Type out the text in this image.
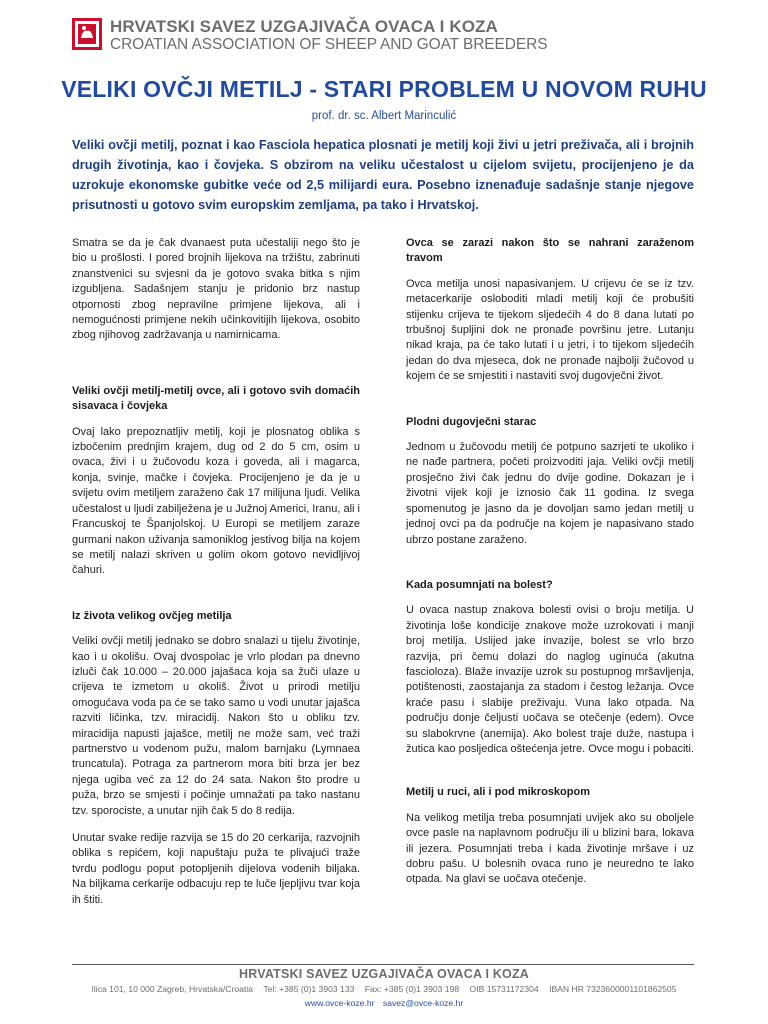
HRVATSKI SAVEZ UZGAJIVAČA OVACA I KOZA
CROATIAN ASSOCIATION OF SHEEP AND GOAT BREEDERS
VELIKI OVČJI METILJ - STARI PROBLEM U NOVOM RUHU
prof. dr. sc. Albert Marinculić
Veliki ovčji metilj, poznat i kao Fasciola hepatica plosnati je metilj koji živi u jetri preživača, ali i brojnih drugih životinja, kao i čovjeka. S obzirom na veliku učestalost u cijelom svijetu, procijenjeno je da uzrokuje ekonomske gubitke veće od 2,5 milijardi eura. Posebno iznenađuje sadašnje stanje njegove prisutnosti u gotovo svim europskim zemljama, pa tako i Hrvatskoj.

Smatra se da je čak dvanaest puta učestaliji nego što je bio u prošlosti. I pored brojnih lijekova na tržištu, zabrinuti znanstvenici su svjesni da je gotovo svaka bitka s njim izgubljena. Sadašnjem stanju je pridonio brz nastup otpornosti zbog nepravilne primjene lijekova, ali i nemogućnosti primjene nekih učinkovitijih lijekova, osobito zbog njihovog zadržavanja u namirnicama.

Veliki ovčji metilj-metilj ovce, ali i gotovo svih domaćih sisavaca i čovjeka

Ovaj lako prepoznatljiv metilj, koji je plosnatog oblika s izbočenim prednjim krajem, dug od 2 do 5 cm, osim u ovaca, živi i u žučovodu koza i goveda, ali i magarca, konja, svinje, mačke i čovjeka. Procijenjeno je da je u svijetu ovim metiljem zaraženo čak 17 milijuna ljudi. Velika učestalost u ljudi zabilježena je u Južnoj Americi, Iranu, ali i Francuskoj te Španjolskoj. U Europi se metiljem zaraze gurmani nakon uživanja samoniklog jestivog bilja na kojem se metilj nalazi skriven u golim okom gotovo nevidljivoj čahuri.

Iz života velikog ovčjeg metilja

Veliki ovčji metilj jednako se dobro snalazi u tijelu životinje, kao i u okolišu. Ovaj dvospolac je vrlo plodan pa dnevno izluči čak 10.000 – 20.000 jajašaca koja sa žuči ulaze u crijeva te izmetom u okoliš. Život u prirodi metilju omogućava voda pa će se tako samo u vodi unutar jajašca razviti ličinka, tzv. miracidij. Nakon što u obliku tzv. miracidija napusti jajašce, metilj ne može sam, već traži partnerstvo u vodenom pužu, malom barnjaku (Lymnaea truncatula). Potraga za partnerom mora biti brza jer bez njega ugiba već za 12 do 24 sata. Nakon što prodre u puža, brzo se smjesti i počinje umnažati pa tako nastanu tzv. sporociste, a unutar njih čak 5 do 8 redija.

Unutar svake redije razvija se 15 do 20 cerkarija, razvojnih oblika s repićem, koji napuštaju puža te plivajući traže tvrdu podlogu poput potopljenih dijelova vodenih biljaka. Na biljkama cerkarije odbacuju rep te luče ljepljivu tvar koja ih štiti.

Ovca se zarazi nakon što se nahrani zaraženom travom

Ovca metilja unosi napasivanjem. U crijevu će se iz tzv. metacerkarije osloboditi mladi metilj koji će probušiti stijenku crijeva te tijekom sljedećih 4 do 8 dana lutati po trbušnoj šupljini dok ne pronađe površinu jetre. Lutanju nikad kraja, pa će tako lutati i u jetri, i to tijekom sljedećih jedan do dva mjeseca, dok ne pronađe najbolji žučovod u kojem će se smjestiti i nastaviti svoj dugovječni život.

Plodni dugovječni starac

Jednom u žučovodu metilj će potpuno sazrjeti te ukoliko i ne nađe partnera, početi proizvoditi jaja. Veliki ovčji metilj prosječno živi čak jednu do dvije godine. Dokazan je i životni vijek koji je iznosio čak 11 godina. Iz svega spomenutog je jasno da je dovoljan samo jedan metilj u jednoj ovci pa da područje na kojem je napasivano stado ubrzo postane zaraženo.

Kada posumnjati na bolest?

U ovaca nastup znakova bolesti ovisi o broju metilja. U životinja loše kondicije znakove može uzrokovati i manji broj metilja. Uslijed jake invazije, bolest se vrlo brzo razvija, pri čemu dolazi do naglog uginuća (akutna fascioloza). Blaže invazije uzrok su postupnog mršavljenja, potištenosti, zaostajanja za stadom i čestog ležanja. Ovce kraće pasu i slabije preživaju. Vuna lako otpada. Na području donje čeljusti uočava se otečenje (edem). Ovce su slabokrvne (anemija). Ako bolest traje duže, nastupa i žutica kao posljedica oštećenja jetre. Ovce mogu i pobaciti.

Metilj u ruci, ali i pod mikroskopom

Na velikog metilja treba posumnjati uvijek ako su oboljele ovce pasle na naplavnom području ili u blizini bara, lokava ili jezera. Posumnjati treba i kada životinje mršave i uz dobru pašu. U bolesnih ovaca runo je neuredno te lako otpada. Na glavi se uočava otečenje.

HRVATSKI SAVEZ UZGAJIVAČA OVACA I KOZA
Ilica 101, 10 000 Zagreb, Hrvatska/Croatia Tel: +385 (0)1 3903 133 Fax: +385 (0)1 3903 198 OIB 15731172304 IBAN HR 7323600001101862505
www.ovce-koze.hr savez@ovce-koze.hr
